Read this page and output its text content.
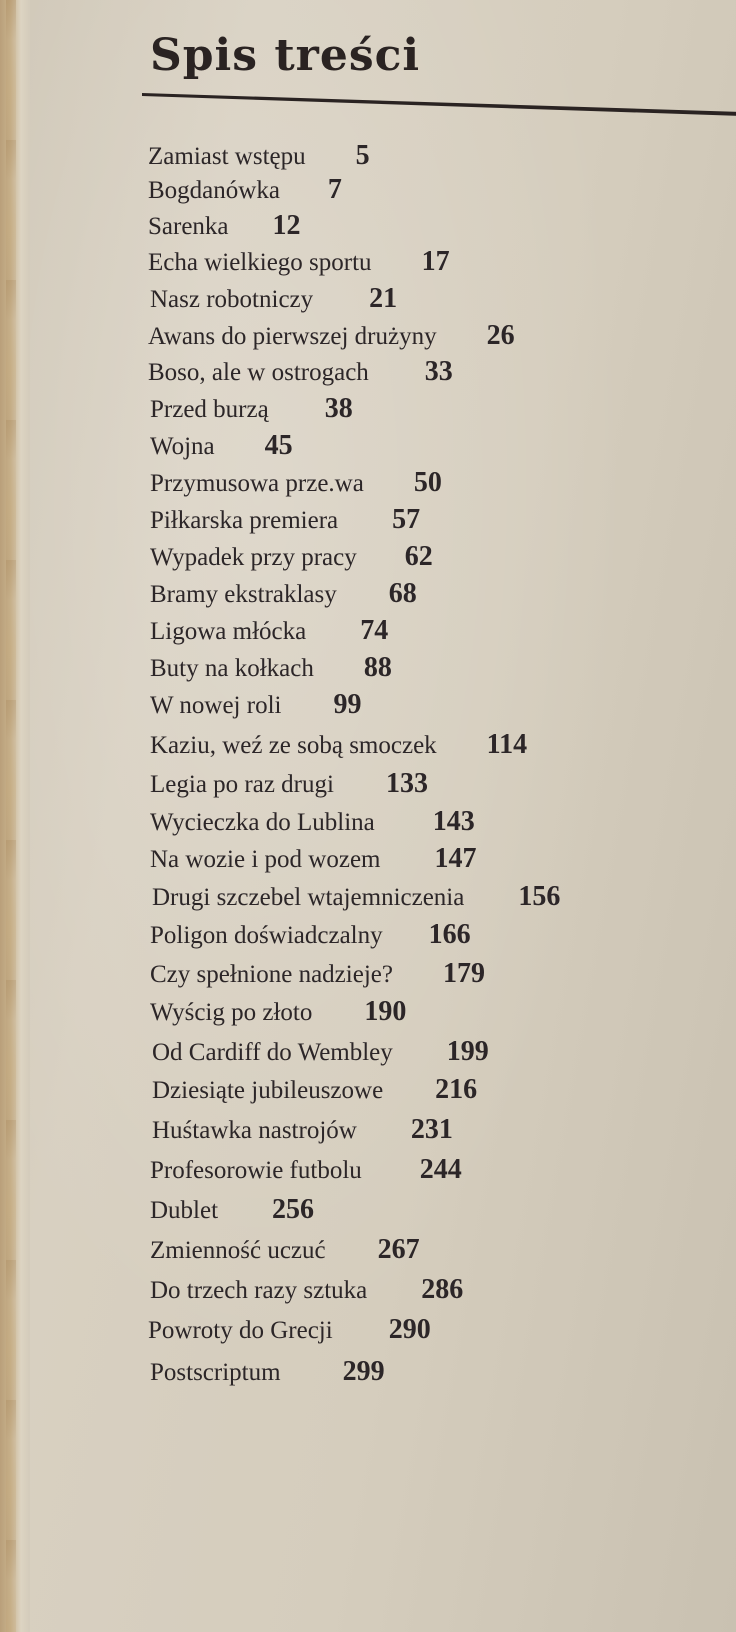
Spis treści
Zamiast wstępu 5
Bogdanówka 7
Sarenka 12
Echa wielkiego sportu 17
Nasz robotniczy 21
Awans do pierwszej drużyny 26
Boso, ale w ostrogach 33
Przed burzą 38
Wojna 45
Przymusowa prze.wa 50
Piłkarska premiera 57
Wypadek przy pracy 62
Bramy ekstraklasy 68
Ligowa młócka 74
Buty na kołkach 88
W nowej roli 99
Kaziu, weź ze sobą smoczek 114
Legia po raz drugi 133
Wycieczka do Lublina 143
Na wozie i pod wozem 147
Drugi szczebel wtajemniczenia 156
Poligon doświadczalny 166
Czy spełnione nadzieje? 179
Wyścig po złoto 190
Od Cardiff do Wembley 199
Dziesiąte jubileuszowe 216
Huśtawka nastrojów 231
Profesorowie futbolu 244
Dublet 256
Zmienność uczuć 267
Do trzech razy sztuka 286
Powroty do Grecji 290
Postscriptum 299
